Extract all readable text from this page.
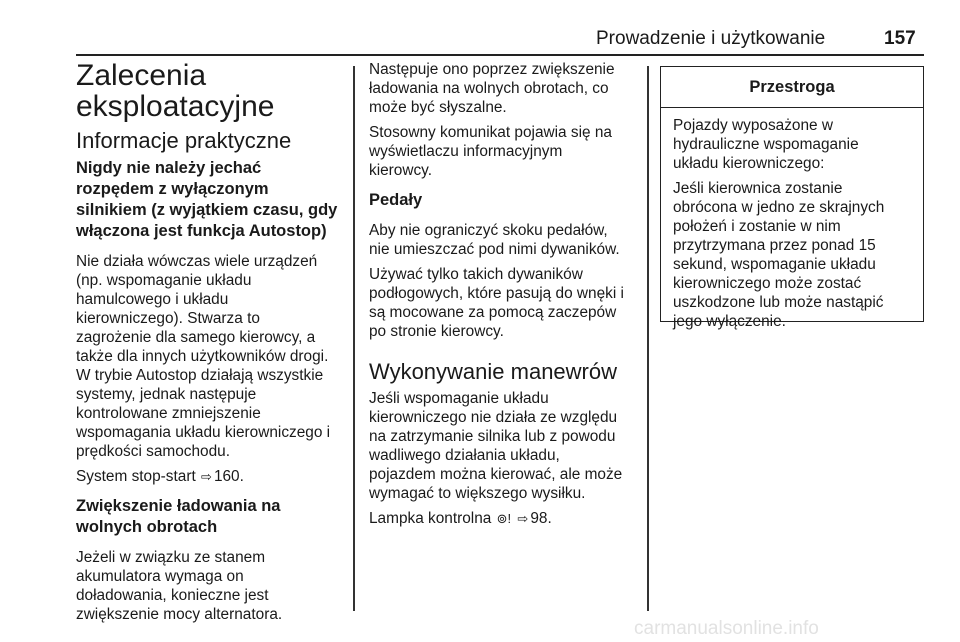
Prowadzenie i użytkowanie	157
Zalecenia
eksploatacyjne
Informacje praktyczne
Nigdy nie należy jechać
rozpędem z wyłączonym
silnikiem (z wyjątkiem czasu, gdy
włączona jest funkcja Autostop)

Nie działa wówczas wiele urządzeń
(np. wspomaganie układu
hamulcowego i układu
kierowniczego). Stwarza to
zagrożenie dla samego kierowcy, a
także dla innych użytkowników drogi.
W trybie Autostop działają wszystkie
systemy, jednak następuje
kontrolowane zmniejszenie
wspomagania układu kierowniczego i
prędkości samochodu.

System stop-start ⇨ 160.

Zwiększenie ładowania na
wolnych obrotach

Jeżeli w związku ze stanem
akumulatora wymaga on
doładowania, konieczne jest
zwiększenie mocy alternatora.

Następuje ono poprzez zwiększenie
ładowania na wolnych obrotach, co
może być słyszalne.

Stosowny komunikat pojawia się na
wyświetlaczu informacyjnym
kierowcy.

Pedały

Aby nie ograniczyć skoku pedałów,
nie umieszczać pod nimi dywaników.

Używać tylko takich dywaników
podłogowych, które pasują do wnęki i
są mocowane za pomocą zaczepów
po stronie kierowcy.

Wykonywanie manewrów

Jeśli wspomaganie układu
kierowniczego nie działa ze względu
na zatrzymanie silnika lub z powodu
wadliwego działania układu,
pojazdem można kierować, ale może
wymagać to większego wysiłku.

Lampka kontrolna ⊚! ⇨ 98.

Przestroga

Pojazdy wyposażone w
hydrauliczne wspomaganie
układu kierowniczego:

Jeśli kierownica zostanie
obrócona w jedno ze skrajnych
położeń i zostanie w nim
przytrzymana przez ponad 15
sekund, wspomaganie układu
kierowniczego może zostać
uszkodzone lub może nastąpić
jego wyłączenie.

carmanualsonline.info
